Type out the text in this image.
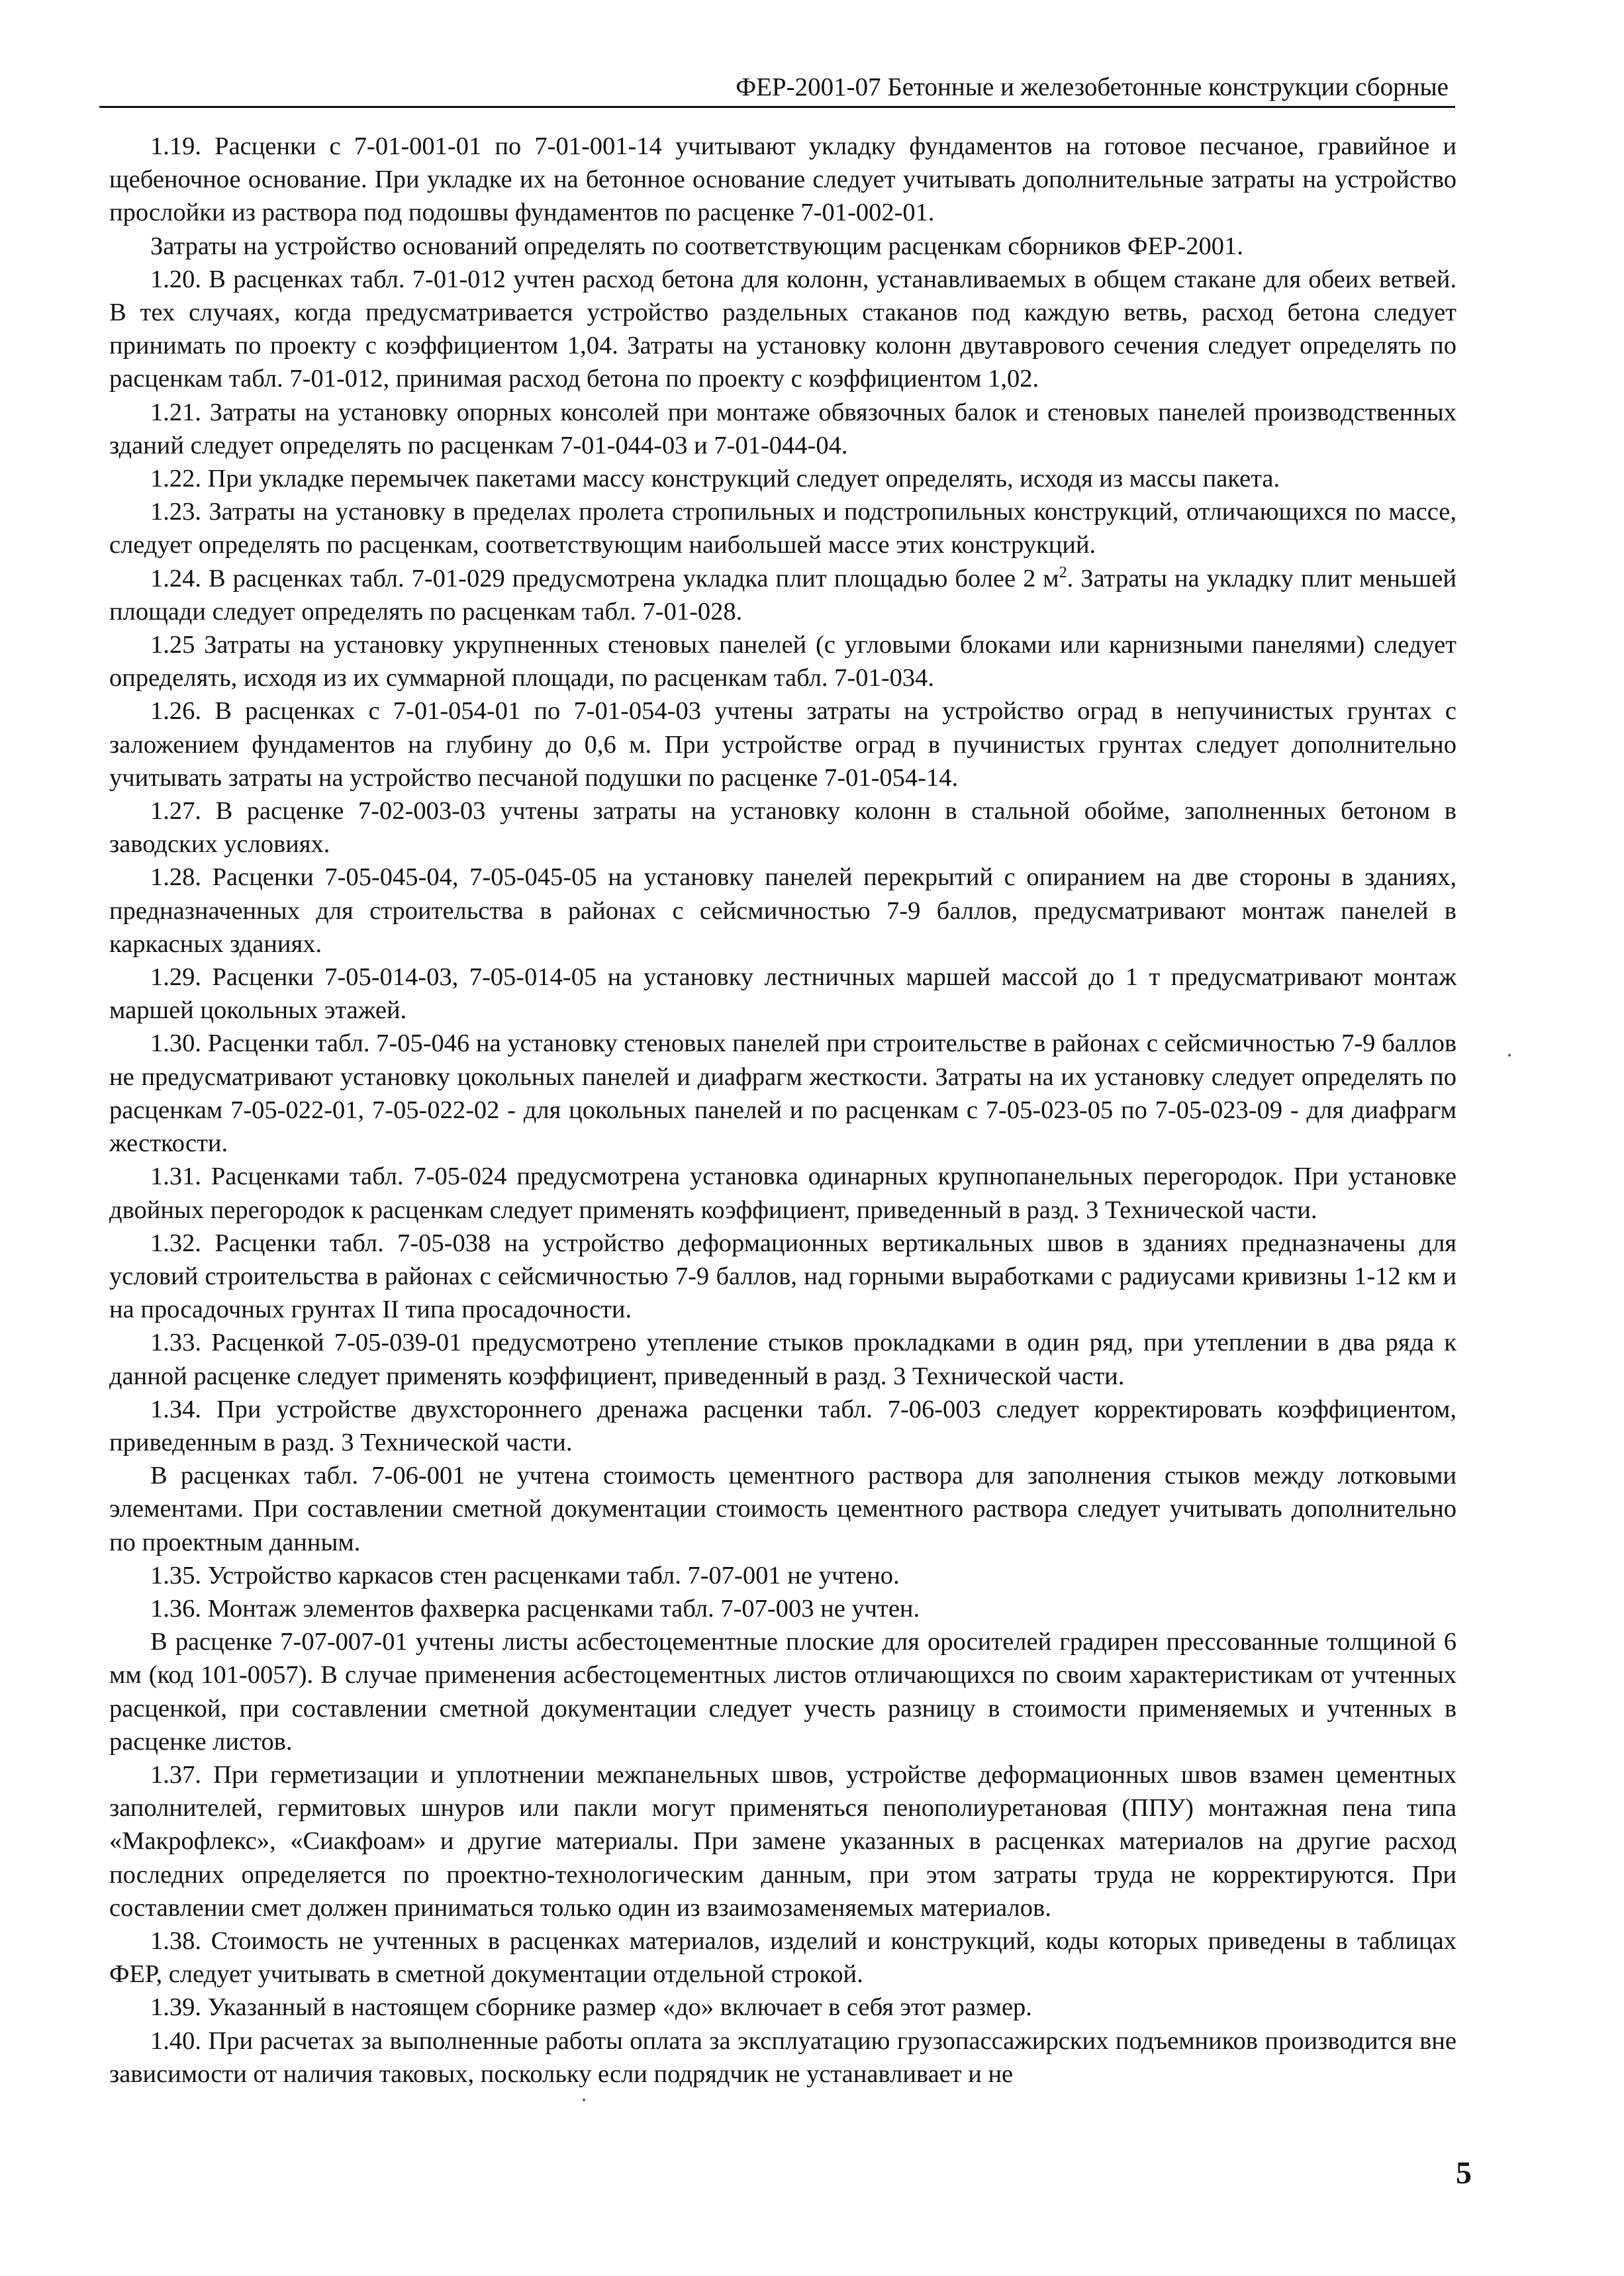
ФЕР-2001-07 Бетонные и железобетонные конструкции сборные

1.19. Расценки с 7-01-001-01 по 7-01-001-14 учитывают укладку фундаментов на готовое песчаное, гравийное и щебеночное основание. При укладке их на бетонное основание следует учитывать дополнительные затраты на устройство прослойки из раствора под подошвы фундаментов по расценке 7-01-002-01.

Затраты на устройство оснований определять по соответствующим расценкам сборников ФЕР-2001.

1.20. В расценках табл. 7-01-012 учтен расход бетона для колонн, устанавливаемых в общем стакане для обеих ветвей. В тех случаях, когда предусматривается устройство раздельных стаканов под каждую ветвь, расход бетона следует принимать по проекту с коэффициентом 1,04. Затраты на установку колонн двутаврового сечения следует определять по расценкам табл. 7-01-012, принимая расход бетона по проекту с коэффициентом 1,02.

1.21. Затраты на установку опорных консолей при монтаже обвязочных балок и стеновых панелей производственных зданий следует определять по расценкам 7-01-044-03 и 7-01-044-04.

1.22. При укладке перемычек пакетами массу конструкций следует определять, исходя из массы пакета.

1.23. Затраты на установку в пределах пролета стропильных и подстропильных конструкций, отличающихся по массе, следует определять по расценкам, соответствующим наибольшей массе этих конструкций.

1.24. В расценках табл. 7-01-029 предусмотрена укладка плит площадью более 2 $м^2$. Затраты на укладку плит меньшей площади следует определять по расценкам табл. 7-01-028.

1.25 Затраты на установку укрупненных стеновых панелей (с угловыми блоками или карнизными панелями) следует определять, исходя из их суммарной площади, по расценкам табл. 7-01-034.

1.26. В расценках с 7-01-054-01 по 7-01-054-03 учтены затраты на устройство оград в непучинистых грунтах с заложением фундаментов на глубину до 0,6 м. При устройстве оград в пучинистых грунтах следует дополнительно учитывать затраты на устройство песчаной подушки по расценке 7-01-054-14.

1.27. В расценке 7-02-003-03 учтены затраты на установку колонн в стальной обойме, заполненных бетоном в заводских условиях.

1.28. Расценки 7-05-045-04, 7-05-045-05 на установку панелей перекрытий с опиранием на две стороны в зданиях, предназначенных для строительства в районах с сейсмичностью 7-9 баллов, предусматривают монтаж панелей в каркасных зданиях.

1.29. Расценки 7-05-014-03, 7-05-014-05 на установку лестничных маршей массой до 1 т предусматривают монтаж маршей цокольных этажей.

1.30. Расценки табл. 7-05-046 на установку стеновых панелей при строительстве в районах с сейсмичностью 7-9 баллов не предусматривают установку цокольных панелей и диафрагм жесткости. Затраты на их установку следует определять по расценкам 7-05-022-01, 7-05-022-02 - для цокольных панелей и по расценкам с 7-05-023-05 по 7-05-023-09 - для диафрагм жесткости.

1.31. Расценками табл. 7-05-024 предусмотрена установка одинарных крупнопанельных перегородок. При установке двойных перегородок к расценкам следует применять коэффициент, приведенный в разд. 3 Технической части.

1.32. Расценки табл. 7-05-038 на устройство деформационных вертикальных швов в зданиях предназначены для условий строительства в районах с сейсмичностью 7-9 баллов, над горными выработками с радиусами кривизны 1-12 км и на просадочных грунтах II типа просадочности.

1.33. Расценкой 7-05-039-01 предусмотрено утепление стыков прокладками в один ряд, при утеплении в два ряда к данной расценке следует применять коэффициент, приведенный в разд. 3 Технической части.

1.34. При устройстве двухстороннего дренажа расценки табл. 7-06-003 следует корректировать коэффициентом, приведенным в разд. 3 Технической части.

В расценках табл. 7-06-001 не учтена стоимость цементного раствора для заполнения стыков между лотковыми элементами. При составлении сметной документации стоимость цементного раствора следует учитывать дополнительно по проектным данным.

1.35. Устройство каркасов стен расценками табл. 7-07-001 не учтено.

1.36. Монтаж элементов фахверка расценками табл. 7-07-003 не учтен.

В расценке 7-07-007-01 учтены листы асбестоцементные плоские для оросителей градирен прессованные толщиной 6 мм (код 101-0057). В случае применения асбестоцементных листов отличающихся по своим характеристикам от учтенных расценкой, при составлении сметной документации следует учесть разницу в стоимости применяемых и учтенных в расценке листов.

1.37. При герметизации и уплотнении межпанельных швов, устройстве деформационных швов взамен цементных заполнителей, гермитовых шнуров или пакли могут применяться пенополиуретановая (ППУ) монтажная пена типа «Макрофлекс», «Сиакфоам» и другие материалы. При замене указанных в расценках материалов на другие расход последних определяется по проектно-технологическим данным, при этом затраты труда не корректируются. При составлении смет должен приниматься только один из взаимозаменяемых материалов.

1.38. Стоимость не учтенных в расценках материалов, изделий и конструкций, коды которых приведены в таблицах ФЕР, следует учитывать в сметной документации отдельной строкой.

1.39. Указанный в настоящем сборнике размер «до» включает в себя этот размер.

1.40. При расчетах за выполненные работы оплата за эксплуатацию грузопассажирских подъемников производится вне зависимости от наличия таковых, поскольку если подрядчик не устанавливает и не

5
